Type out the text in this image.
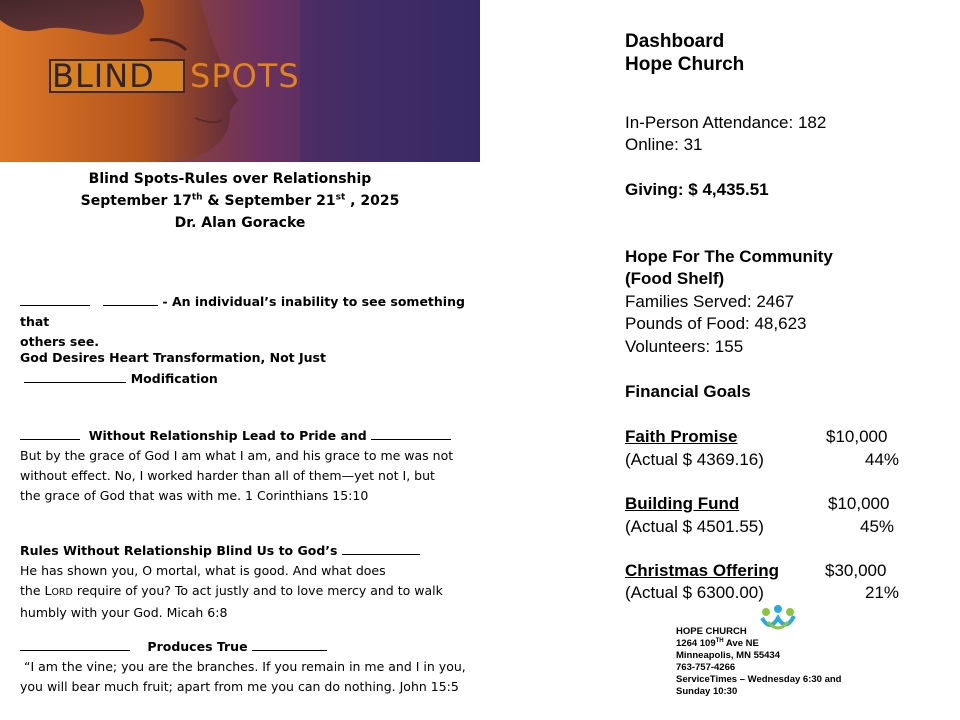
BLIND SPOTS
Blind Spots-Rules over Relationship
September 17th & September 21st , 2025
Dr. Alan Goracke
- An individual’s inability to see something that
others see.
God Desires Heart Transformation, Not Just
Modification
Without Relationship Lead to Pride and
But by the grace of God I am what I am, and his grace to me was not
without effect. No, I worked harder than all of them—yet not I, but
the grace of God that was with me. 1 Corinthians 15:10
Rules Without Relationship Blind Us to God’s
He has shown you, O mortal, what is good. And what does
the LORD require of you? To act justly and to love mercy and to walk
humbly with your God. Micah 6:8
Produces True
“I am the vine; you are the branches. If you remain in me and I in you,
you will bear much fruit; apart from me you can do nothing. John 15:5
Dashboard
Hope Church
In-Person Attendance: 182
Online: 31
Giving: $ 4,435.51
Hope For The Community
(Food Shelf)
Families Served: 2467
Pounds of Food: 48,623
Volunteers: 155
Financial Goals
Faith Promise	$10,000
(Actual $ 4369.16)	44%
Building Fund	$10,000
(Actual $ 4501.55)	45%
Christmas Offering	$30,000
(Actual $ 6300.00)	21%
HOPE CHURCH
1264 109TH Ave NE
Minneapolis, MN 55434
763-757-4266
ServiceTimes – Wednesday 6:30 and
Sunday 10:30
